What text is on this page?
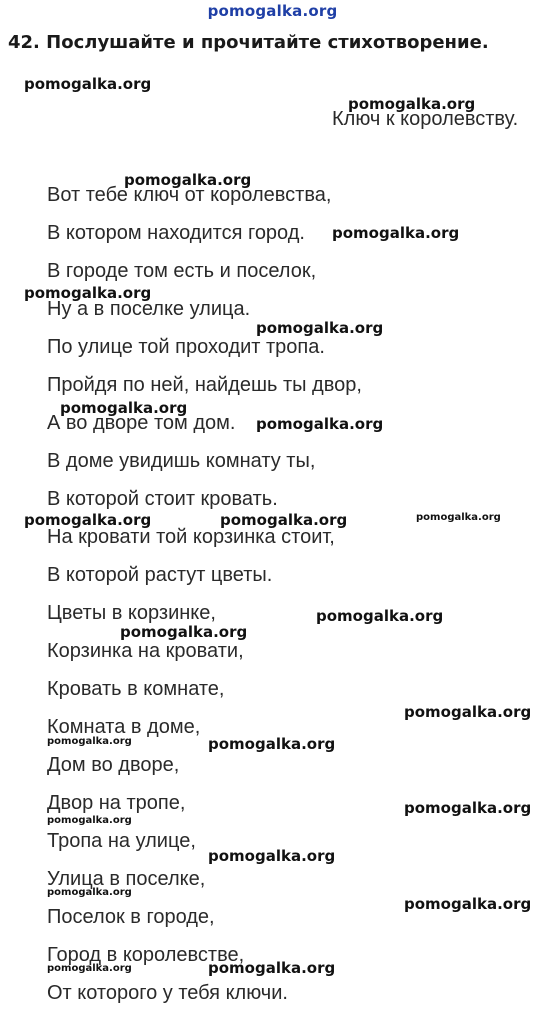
pomogalka.org
42. Послушайте и прочитайте стихотворение.
Ключ к королевству.
Вот тебе ключ от королевства,
В котором находится город.
В городе том есть и поселок,
Ну а в поселке улица.
По улице той проходит тропа.
Пройдя по ней, найдешь ты двор,
А во дворе том дом.
В доме увидишь комнату ты,
В которой стоит кровать.
На кровати той корзинка стоит,
В которой растут цветы.
Цветы в корзинке,
Корзинка на кровати,
Кровать в комнате,
Комната в доме,
Дом во дворе,
Двор на тропе,
Тропа на улице,
Улица в поселке,
Поселок в городе,
Город в королевстве,
От которого у тебя ключи.
pomogalka.org
pomogalka.org
pomogalka.org
pomogalka.org
pomogalka.org
pomogalka.org
pomogalka.org
pomogalka.org
pomogalka.org	pomogalka.org	pomogalka.org
pomogalka.org
pomogalka.org
pomogalka.org
pomogalka.org	pomogalka.org
pomogalka.org
pomogalka.org
pomogalka.org
pomogalka.org
pomogalka.org
pomogalka.org	pomogalka.org
